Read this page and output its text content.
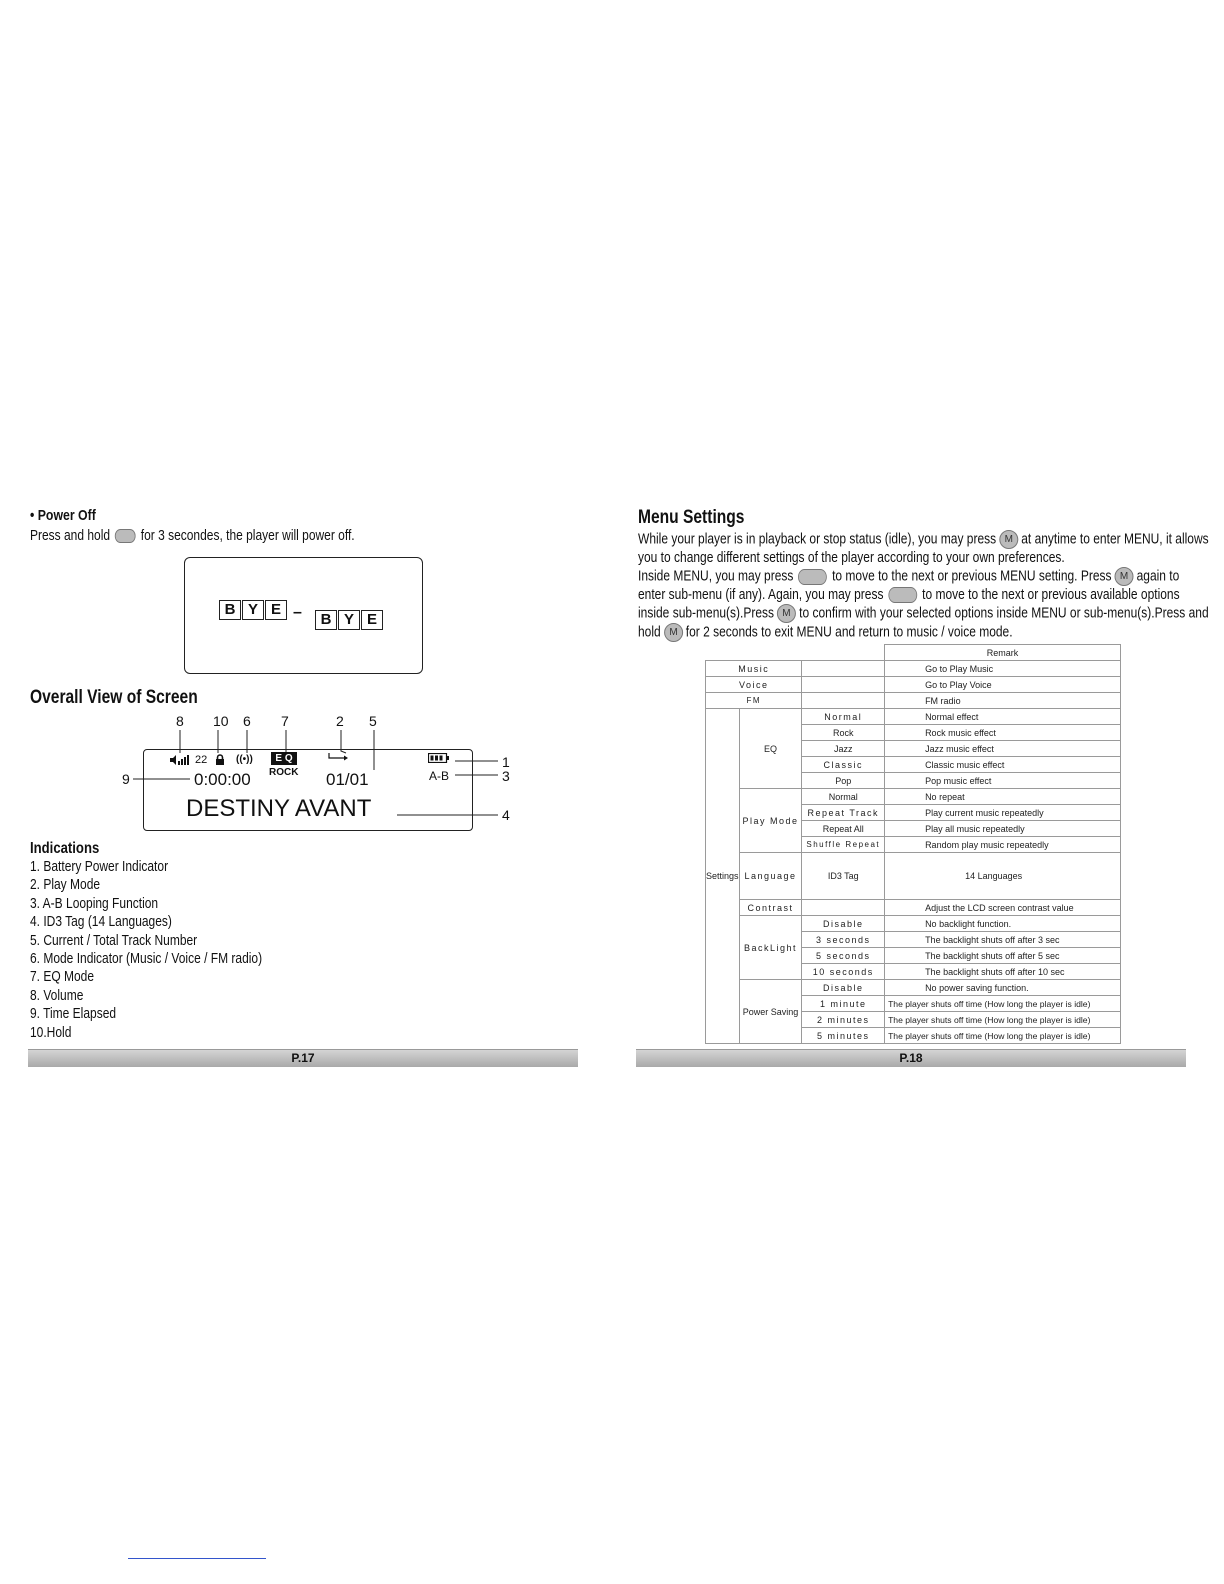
• Power Off
Press and hold for 3 secondes, the player will power off.
B Y E –	B Y E
Overall View of Screen
8 10 6 7	2 5
9
1
3
4
22	((•))	E Q
ROCK
0:00:00	01/01	A-B
DESTINY AVANT
Indications
1. Battery Power Indicator
2. Play Mode
3. A-B Looping Function
4. ID3 Tag (14 Languages)
5. Current / Total Track Number
6. Mode Indicator (Music / Voice / FM radio)
7. EQ Mode
8. Volume
9. Time Elapsed
10.Hold
P.17
Menu Settings
While your player is in playback or stop status (idle), you may press M at anytime to enter MENU, it allows
you to change different settings of the player according to your own preferences.
Inside MENU, you may press	to move to the next or previous MENU setting. Press M again to
enter sub-menu (if any). Again, you may press	to move to the next or previous available options
inside sub-menu(s).Press M to confirm with your selected options inside MENU or sub-menu(s).Press and
hold M for 2 seconds to exit MENU and return to music / voice mode.
			Remark
Music			Go to Play Music
Voice			Go to Play Voice
FM			FM radio
Settings	EQ	Normal	Normal effect
		Rock	Rock music effect
		Jazz	Jazz music effect
		Classic	Classic music effect
		Pop	Pop music effect
	Play Mode	Normal	No repeat
		Repeat Track	Play current music repeatedly
		Repeat All	Play all music repeatedly
		Shuffle Repeat	Random play music repeatedly
	Language	ID3 Tag	14 Languages
	Contrast		Adjust the LCD screen contrast value
	BackLight	Disable	No backlight function.
		3 seconds	The backlight shuts off after 3 sec
		5 seconds	The backlight shuts off after 5 sec
		10 seconds	The backlight shuts off after 10 sec
	Power Saving	Disable	No power saving function.
		1 minute	The player shuts off time (How long the player is idle)
		2 minutes	The player shuts off time (How long the player is idle)
		5 minutes	The player shuts off time (How long the player is idle)
P.18
